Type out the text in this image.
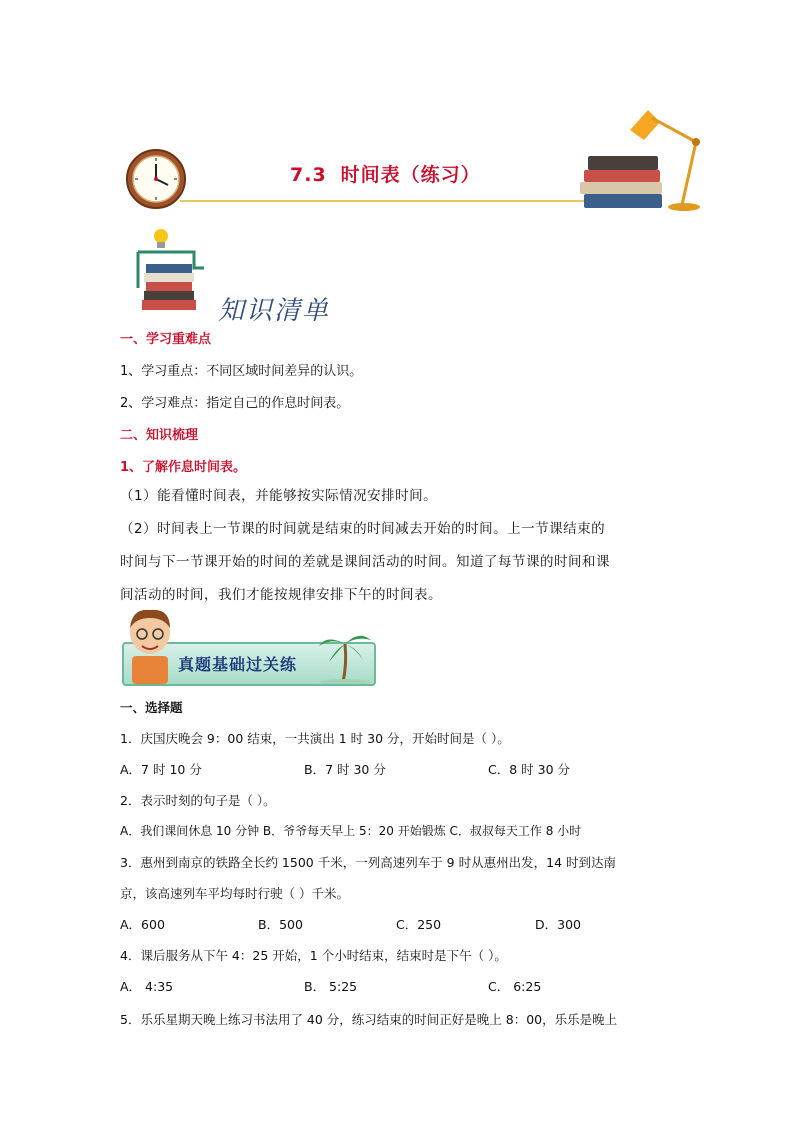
7.3 时间表（练习）
知识清单
一、学习重难点
1、学习重点：不同区域时间差异的认识。
2、学习难点：指定自己的作息时间表。
二、知识梳理
1、了解作息时间表。
（1）能看懂时间表，并能够按实际情况安排时间。
（2）时间表上一节课的时间就是结束的时间减去开始的时间。上一节课结束的
时间与下一节课开始的时间的差就是课间活动的时间。知道了每节课的时间和课
间活动的时间，我们才能按规律安排下午的时间表。
真题基础过关练
一、选择题
1．庆国庆晚会 9：00 结束，一共演出 1 时 30 分，开始时间是（ ）。
A．7 时 10 分	B．7 时 30 分	C．8 时 30 分
2．表示时刻的句子是（ ）。
A．我们课间休息 10 分钟 B．爷爷每天早上 5：20 开始锻炼 C．叔叔每天工作 8 小时
3．惠州到南京的铁路全长约 1500 千米，一列高速列车于 9 时从惠州出发，14 时到达南
京，该高速列车平均每时行驶（ ）千米。
A．600	B．500	C．250	D．300
4．课后服务从下午 4：25 开始，1 个小时结束，结束时是下午（ ）。
A． 4:35	B． 5:25	C． 6:25
5．乐乐星期天晚上练习书法用了 40 分，练习结束的时间正好是晚上 8：00，乐乐是晚上
